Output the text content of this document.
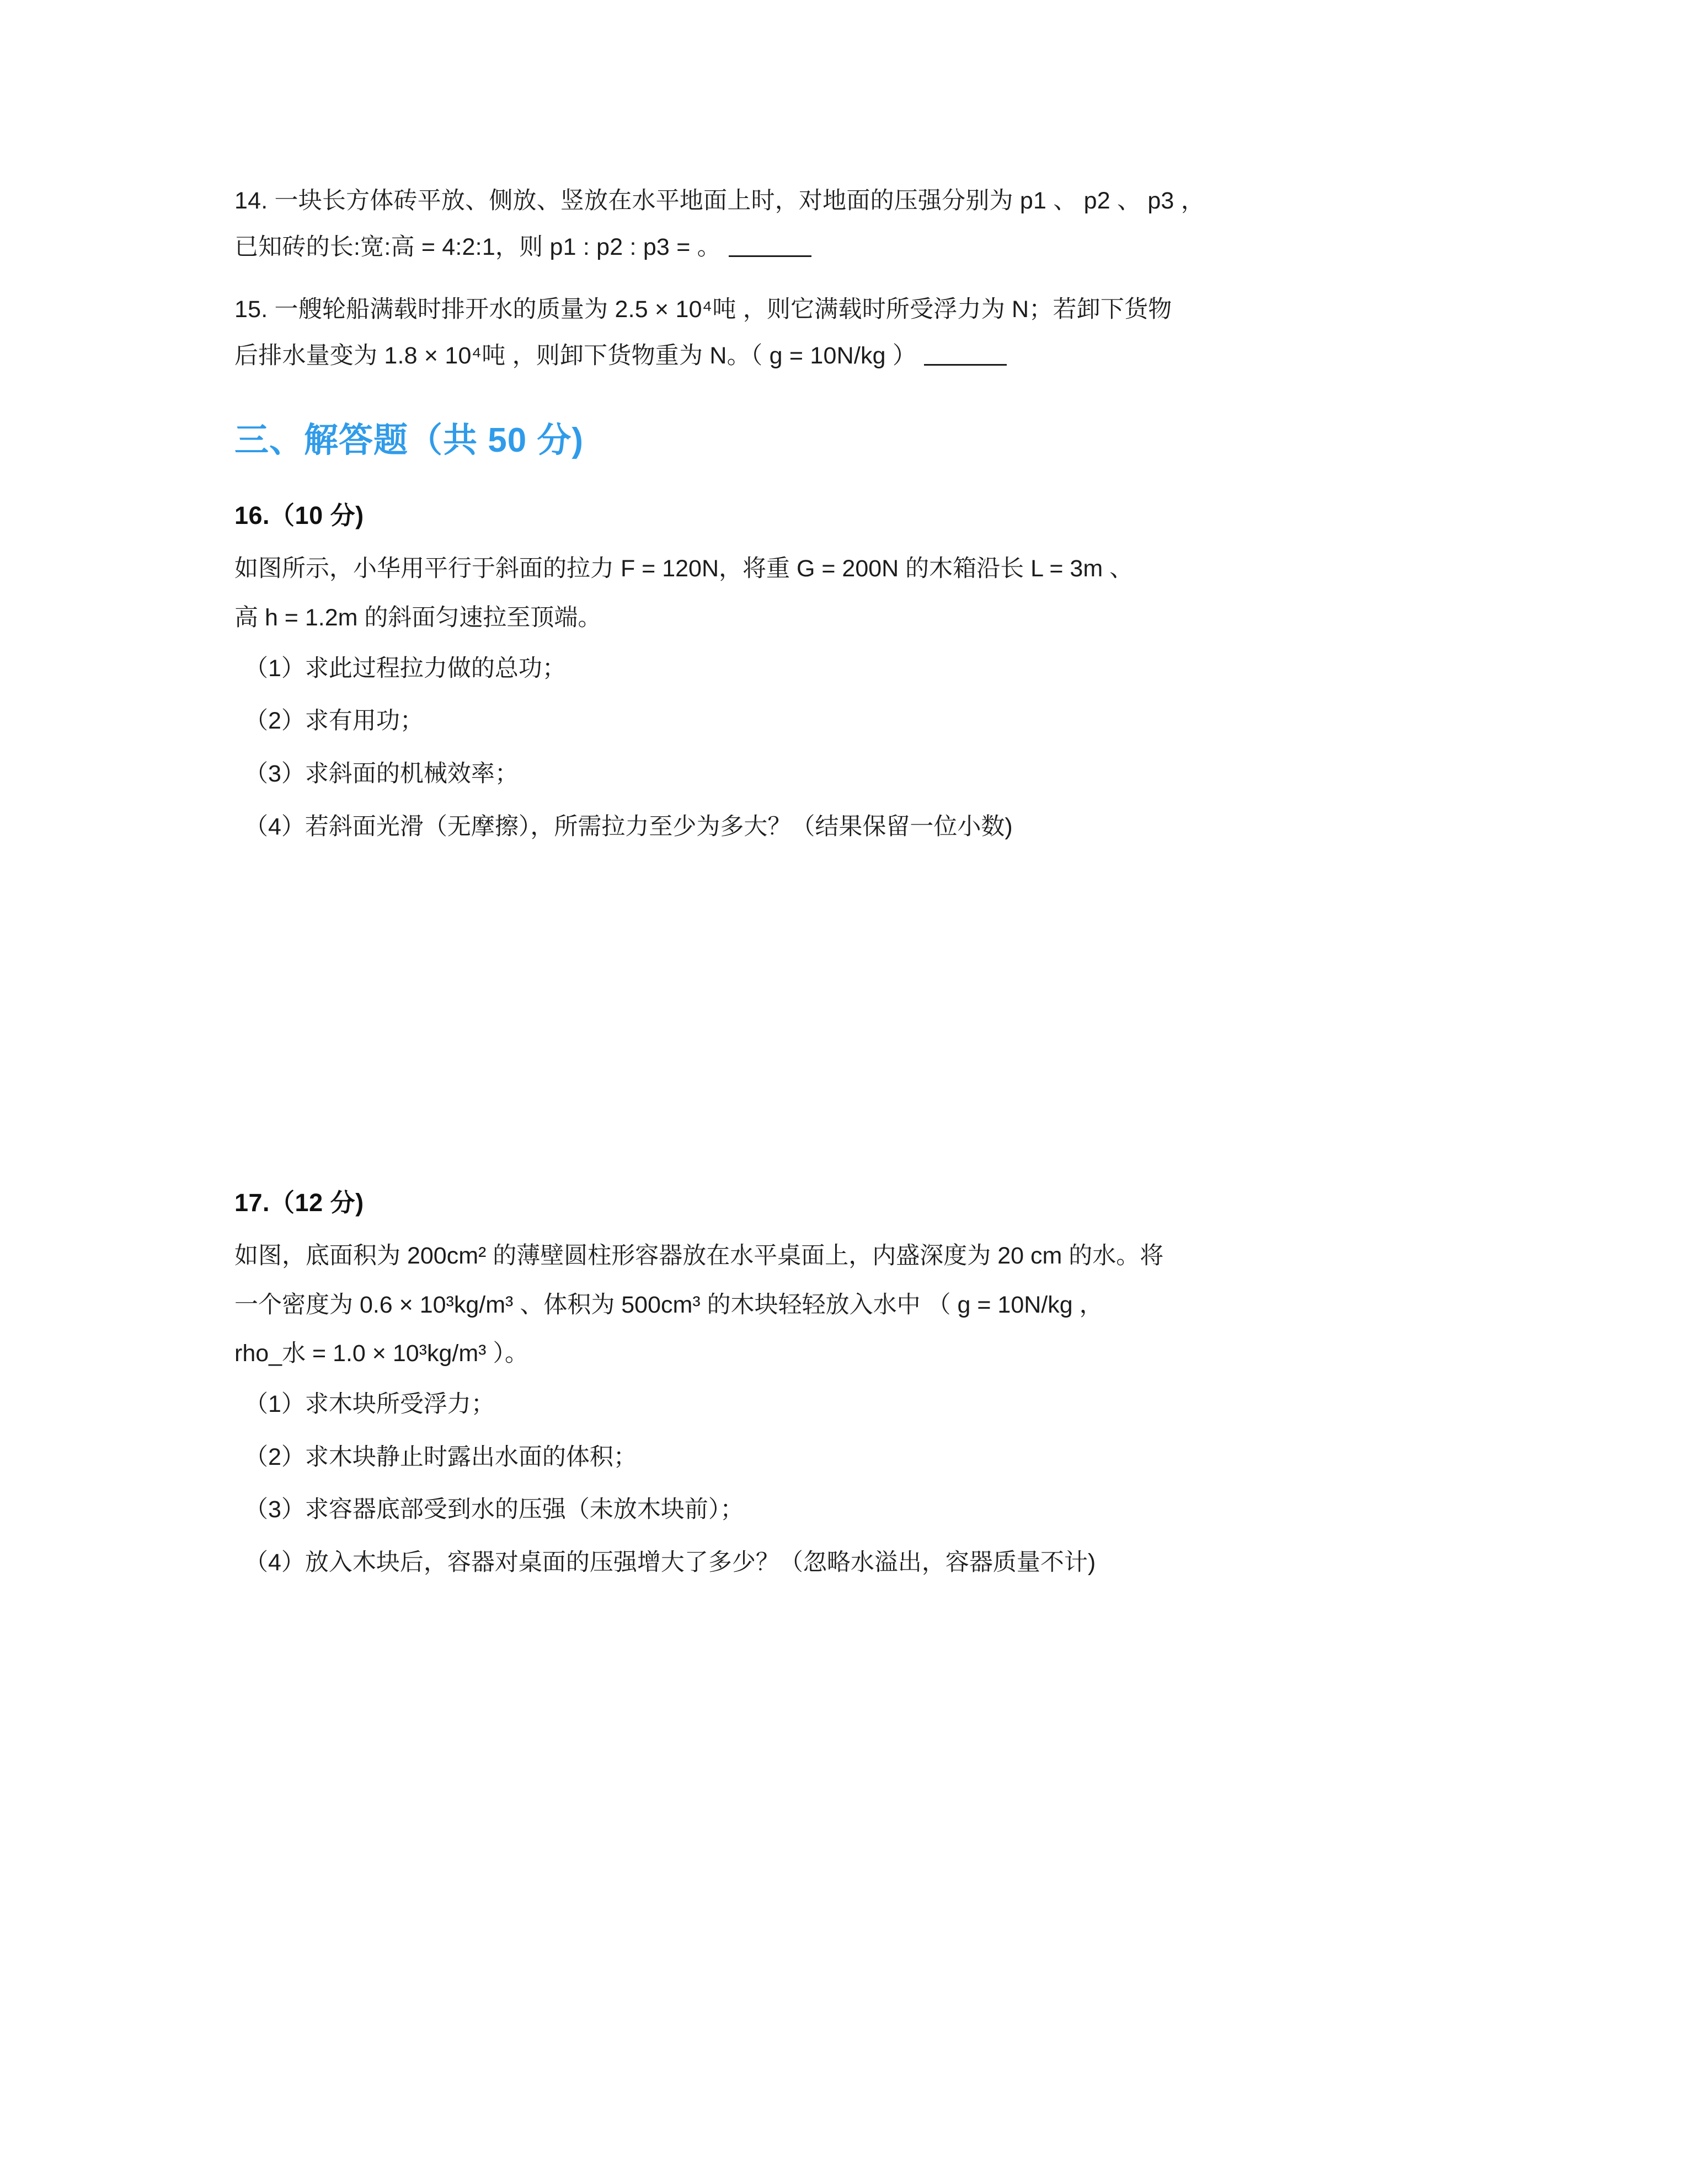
14. 一块长方体砖平放、侧放、竖放在水平地面上时，对地面的压强分别为 p1 、 p2 、 p3 ，

已知砖的长:宽:高 = 4:2:1，则 p1 : p2 : p3 = 。

15. 一艘轮船满载时排开水的质量为 2.5 × 10⁴吨 ，则它满载时所受浮力为 N；若卸下货物

后排水量变为 1.8 × 10⁴吨 ，则卸下货物重为 N。（ g = 10N/kg ）

三、解答题（共 50 分)

16.（10 分)

如图所示，小华用平行于斜面的拉力 F = 120N，将重 G = 200N 的木箱沿长 L = 3m 、

高 h = 1.2m 的斜面匀速拉至顶端。

（1）求此过程拉力做的总功；
（2）求有用功；
（3）求斜面的机械效率；
（4）若斜面光滑（无摩擦），所需拉力至少为多大？（结果保留一位小数)

17.（12 分)

如图，底面积为 200cm² 的薄壁圆柱形容器放在水平桌面上，内盛深度为 20 cm 的水。将

一个密度为 0.6 × 10³kg/m³ 、体积为 500cm³ 的木块轻轻放入水中 （ g = 10N/kg ，

rho_水 = 1.0 × 10³kg/m³ ）。

（1）求木块所受浮力；
（2）求木块静止时露出水面的体积；
（3）求容器底部受到水的压强（未放木块前）；
（4）放入木块后，容器对桌面的压强增大了多少？（忽略水溢出，容器质量不计)
